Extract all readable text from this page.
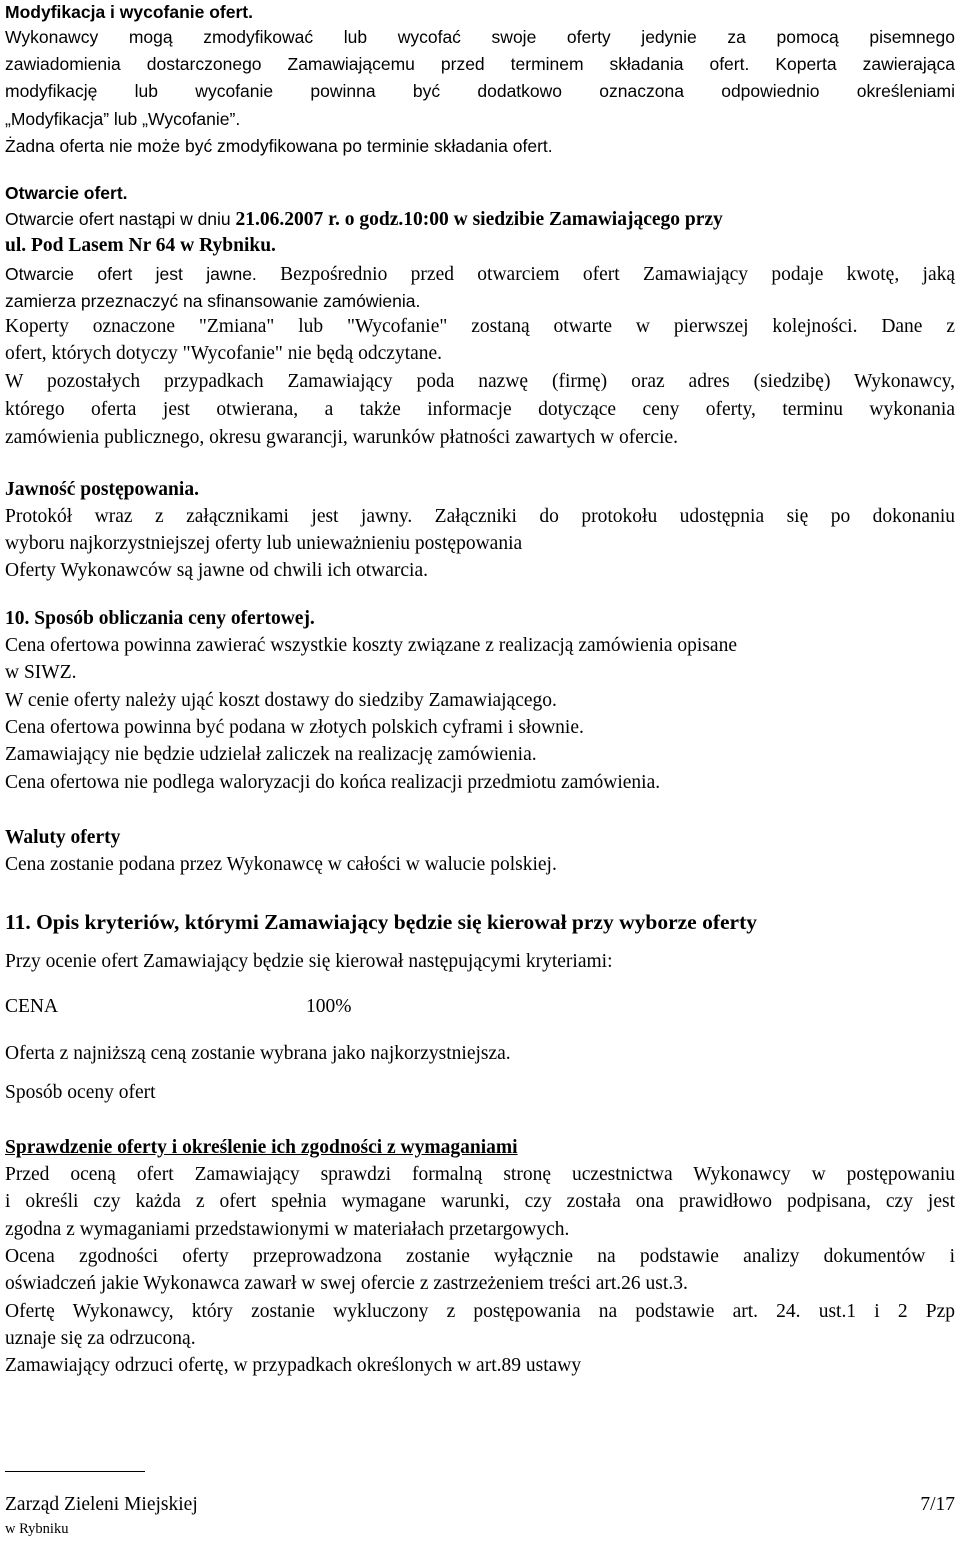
Modyfikacja i wycofanie ofert.
Wykonawcy mogą zmodyfikować lub wycofać swoje oferty jedynie za pomocą pisemnego
zawiadomienia dostarczonego Zamawiającemu przed terminem składania ofert. Koperta zawierająca
modyfikację lub wycofanie powinna być dodatkowo oznaczona odpowiednio określeniami
„Modyfikacja” lub „Wycofanie”.
Żadna oferta nie może być zmodyfikowana po terminie składania ofert.
Otwarcie ofert.
Otwarcie ofert nastąpi w dniu 21.06.2007 r. o godz.10:00 w siedzibie Zamawiającego przy
ul. Pod Lasem Nr 64 w Rybniku.
Otwarcie ofert jest jawne. Bezpośrednio przed otwarciem ofert Zamawiający podaje kwotę, jaką
zamierza przeznaczyć na sfinansowanie zamówienia.
Koperty oznaczone "Zmiana" lub "Wycofanie" zostaną otwarte w pierwszej kolejności. Dane z
ofert, których dotyczy "Wycofanie" nie będą odczytane.
W pozostałych przypadkach Zamawiający poda nazwę (firmę) oraz adres (siedzibę) Wykonawcy,
którego oferta jest otwierana, a także informacje dotyczące ceny oferty, terminu wykonania
zamówienia publicznego, okresu gwarancji, warunków płatności zawartych w ofercie.
Jawność postępowania.
Protokół wraz z załącznikami jest jawny. Załączniki do protokołu udostępnia się po dokonaniu
wyboru najkorzystniejszej oferty lub unieważnieniu postępowania
Oferty Wykonawców są jawne od chwili ich otwarcia.
10. Sposób obliczania ceny ofertowej.
Cena ofertowa powinna zawierać wszystkie koszty związane z realizacją zamówienia opisane
w SIWZ.
W cenie oferty należy ująć koszt dostawy do siedziby Zamawiającego.
Cena ofertowa powinna być podana w złotych polskich cyframi i słownie.
Zamawiający nie będzie udzielał zaliczek na realizację zamówienia.
Cena ofertowa nie podlega waloryzacji do końca realizacji przedmiotu zamówienia.
Waluty oferty
Cena zostanie podana przez Wykonawcę w całości w walucie polskiej.
11. Opis kryteriów, którymi Zamawiający będzie się kierował przy wyborze oferty
Przy ocenie ofert Zamawiający będzie się kierował następującymi kryteriami:
CENA	100%
Oferta z najniższą ceną zostanie wybrana jako najkorzystniejsza.
Sposób oceny ofert
Sprawdzenie oferty i określenie ich zgodności z wymaganiami
Przed oceną ofert Zamawiający sprawdzi formalną stronę uczestnictwa Wykonawcy w postępowaniu
i określi czy każda z ofert spełnia wymagane warunki, czy została ona prawidłowo podpisana, czy jest
zgodna z wymaganiami przedstawionymi w materiałach przetargowych.
Ocena zgodności oferty przeprowadzona zostanie wyłącznie na podstawie analizy dokumentów i
oświadczeń jakie Wykonawca zawarł w swej ofercie z zastrzeżeniem treści art.26 ust.3.
Ofertę Wykonawcy, który zostanie wykluczony z postępowania na podstawie art. 24. ust.1 i 2 Pzp
uznaje się za odrzuconą.
Zamawiający odrzuci ofertę, w przypadkach określonych w art.89 ustawy
Zarząd Zieleni Miejskiej
w Rybniku
7/17
